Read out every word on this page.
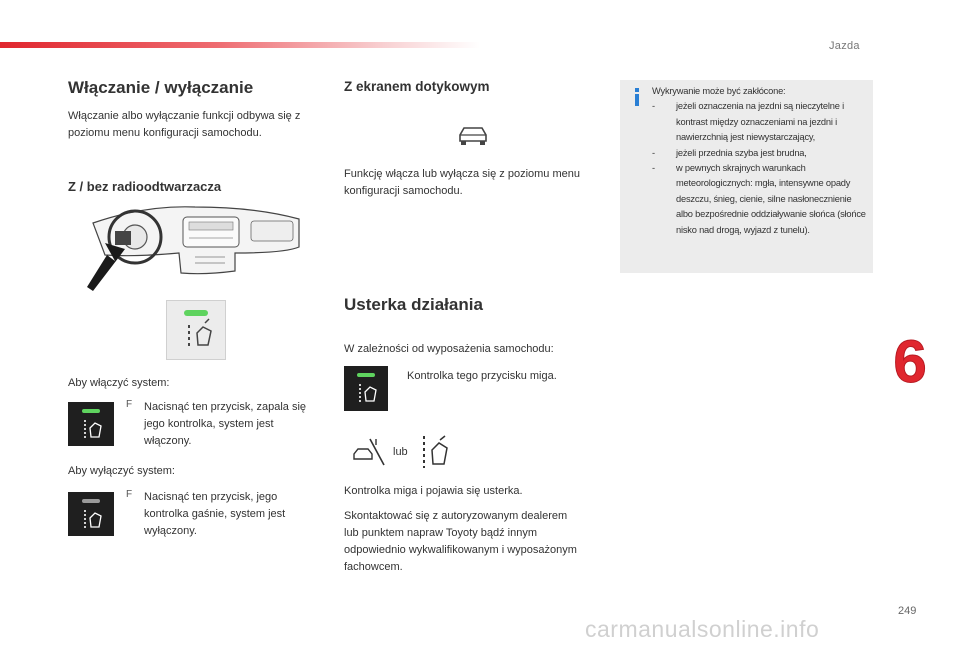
Jazda
Włączanie / wyłączanie
Włączanie albo wyłączanie funkcji odbywa się z poziomu menu konfiguracji samochodu.
Z / bez radioodtwarzacza
Aby włączyć system:
F	Nacisnąć ten przycisk, zapala się jego kontrolka, system jest włączony.
Aby wyłączyć system:
F	Nacisnąć ten przycisk, jego kontrolka gaśnie, system jest wyłączony.
Z ekranem dotykowym
Funkcję włącza lub wyłącza się z poziomu menu konfiguracji samochodu.
Usterka działania
W zależności od wyposażenia samochodu:
Kontrolka tego przycisku miga.
lub
Kontrolka miga i pojawia się usterka.
Skontaktować się z autoryzowanym dealerem lub punktem napraw Toyoty bądź innym odpowiednio wykwalifikowanym i wyposażonym fachowcem.
Wykrywanie może być zakłócone:
-	jeżeli oznaczenia na jezdni są nieczytelne i kontrast między oznaczeniami na jezdni i nawierzchnią jest niewystarczający,
-	jeżeli przednia szyba jest brudna,
-	w pewnych skrajnych warunkach meteorologicznych: mgła, intensywne opady deszczu, śnieg, cienie, silne nasłonecznienie albo bezpośrednie oddziaływanie słońca (słońce nisko nad drogą, wyjazd z tunelu).
6
249
carmanualsonline.info
